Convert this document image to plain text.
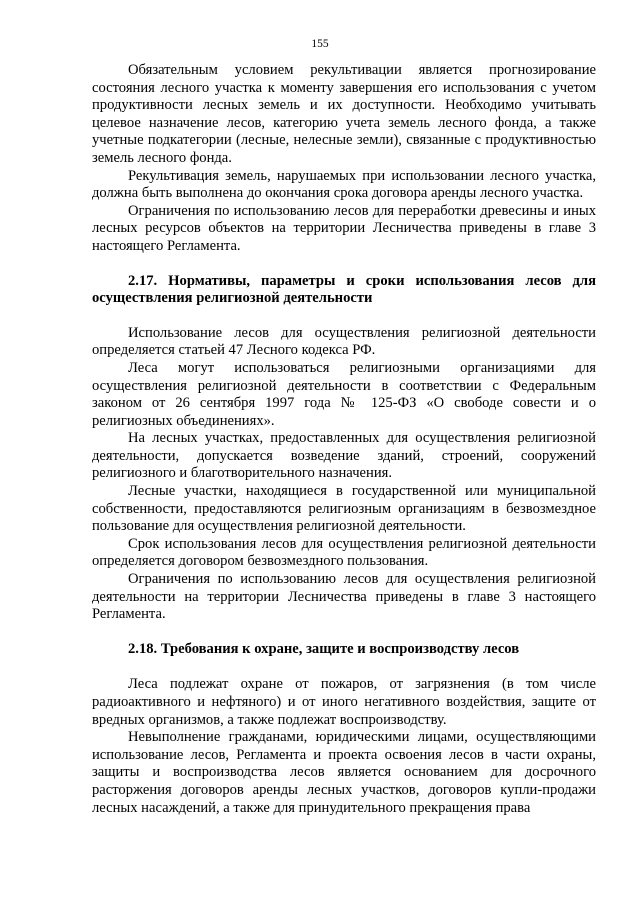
155

Обязательным условием рекультивации является прогнозирование состояния лесного участка к моменту завершения его использования с учетом продуктивности лесных земель и их доступности. Необходимо учитывать целевое назначение лесов, категорию учета земель лесного фонда, а также учетные подкатегории (лесные, нелесные земли), связанные с продуктивностью земель лесного фонда.

Рекультивация земель, нарушаемых при использовании лесного участка, должна быть выполнена до окончания срока договора аренды лесного участка.

Ограничения по использованию лесов для переработки древесины и иных лесных ресурсов объектов на территории Лесничества приведены в главе 3 настоящего Регламента.

2.17. Нормативы, параметры и сроки использования лесов для осуществления религиозной деятельности

Использование лесов для осуществления религиозной деятельности определяется статьей 47 Лесного кодекса РФ.

Леса могут использоваться религиозными организациями для осуществления религиозной деятельности в соответствии с Федеральным законом от 26 сентября 1997 года № 125-ФЗ «О свободе совести и о религиозных объединениях».

На лесных участках, предоставленных для осуществления религиозной деятельности, допускается возведение зданий, строений, сооружений религиозного и благотворительного назначения.

Лесные участки, находящиеся в государственной или муниципальной собственности, предоставляются религиозным организациям в безвозмездное пользование для осуществления религиозной деятельности.

Срок использования лесов для осуществления религиозной деятельности определяется договором безвозмездного пользования.

Ограничения по использованию лесов для осуществления религиозной деятельности на территории Лесничества приведены в главе 3 настоящего Регламента.

2.18. Требования к охране, защите и воспроизводству лесов

Леса подлежат охране от пожаров, от загрязнения (в том числе радиоактивного и нефтяного) и от иного негативного воздействия, защите от вредных организмов, а также подлежат воспроизводству.

Невыполнение гражданами, юридическими лицами, осуществляющими использование лесов, Регламента и проекта освоения лесов в части охраны, защиты и воспроизводства лесов является основанием для досрочного расторжения договоров аренды лесных участков, договоров купли-продажи лесных насаждений, а также для принудительного прекращения права
